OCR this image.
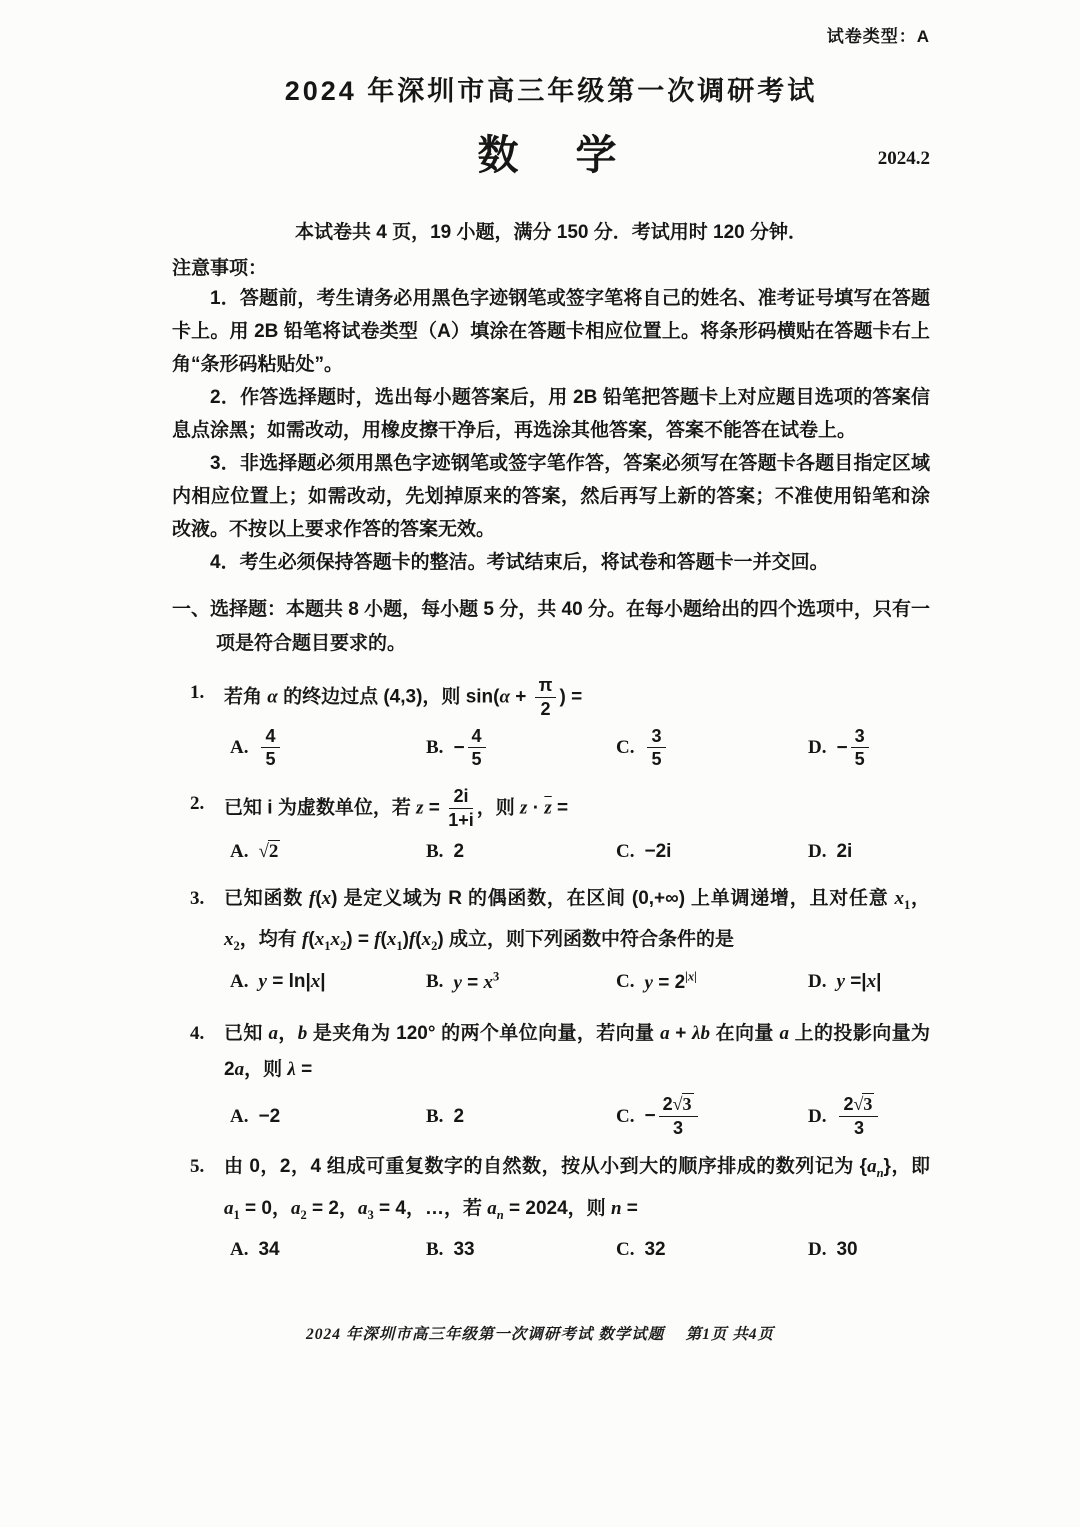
试卷类型：A
2024 年深圳市高三年级第一次调研考试
数　学	2024.2
本试卷共 4 页，19 小题，满分 150 分．考试用时 120 分钟．
注意事项：

1．答题前，考生请务必用黑色字迹钢笔或签字笔将自己的姓名、准考证号填写在答题卡上。用 2B 铅笔将试卷类型（A）填涂在答题卡相应位置上。将条形码横贴在答题卡右上角“条形码粘贴处”。

2．作答选择题时，选出每小题答案后，用 2B 铅笔把答题卡上对应题目选项的答案信息点涂黑；如需改动，用橡皮擦干净后，再选涂其他答案，答案不能答在试卷上。

3．非选择题必须用黑色字迹钢笔或签字笔作答，答案必须写在答题卡各题目指定区域内相应位置上；如需改动，先划掉原来的答案，然后再写上新的答案；不准使用铅笔和涂改液。不按以上要求作答的答案无效。

4．考生必须保持答题卡的整洁。考试结束后，将试卷和答题卡一并交回。

一、选择题：本题共 8 小题，每小题 5 分，共 40 分。在每小题给出的四个选项中，只有一项是符合题目要求的。
1.	若角 α 的终边过点 (4,3)，则 $\sin(\alpha + \frac{\pi}{2}$ ) =
A. $\frac{4}{5}$	B. − $\frac{4}{5}$	C. $\frac{3}{5}$	D. − $\frac{3}{5}$
2.	已知 i 为虚数单位，若 $z = \frac{2i}{1+i}$ ，则 $z \cdot \overline{z}$ =
A. √2	B. 2	C. −2i	D. 2i
3.	已知函数 f(x) 是定义域为 R 的偶函数，在区间 (0,+∞) 上单调递增，且对任意 $x_1$，$x_2$，均有 $f(x_1x_2) = f(x_1)f(x_2)$ 成立，则下列函数中符合条件的是
A. y = ln|x|	B. $y = x^3$	C. $y = 2^{|x|}$	D. y =|x|
4.	已知 a，b 是夹角为 120° 的两个单位向量，若向量 a + λb 在向量 a 上的投影向量为 2a，则 λ =
A. −2	B. 2	C. − $\frac{2√3}{3}$	D. $\frac{2√3}{3}$
5.	由 0，2，4 组成可重复数字的自然数，按从小到大的顺序排成的数列记为 $\{a_n\}$，即 $a_1 = 0$，$a_2 = 2$，$a_3 = 4$，…，若 $a_n = 2024$，则 n =
A. 34	B. 33	C. 32	D. 30
2024 年深圳市高三年级第一次调研考试 数学试题　 第1页 共4页
